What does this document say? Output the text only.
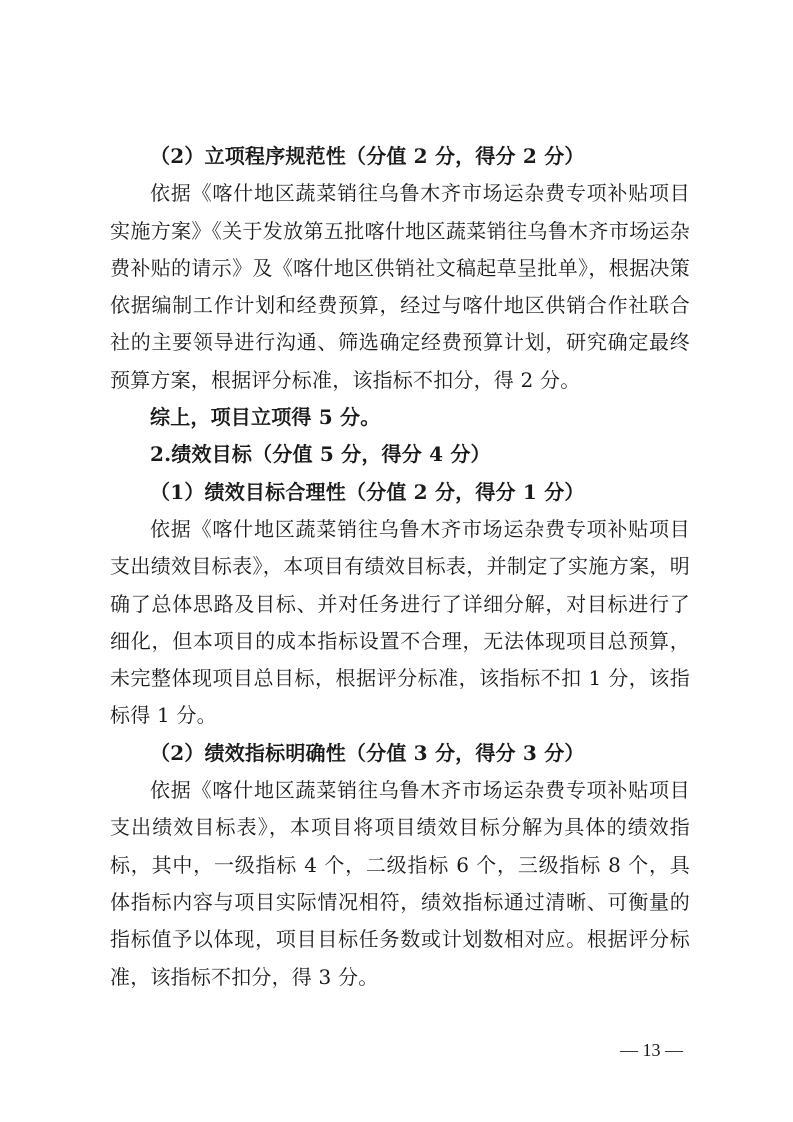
（2）立项程序规范性（分值 2 分，得分 2 分）

依据《喀什地区蔬菜销往乌鲁木齐市场运杂费专项补贴项目实施方案》《关于发放第五批喀什地区蔬菜销往乌鲁木齐市场运杂费补贴的请示》及《喀什地区供销社文稿起草呈批单》，根据决策依据编制工作计划和经费预算，经过与喀什地区供销合作社联合社的主要领导进行沟通、筛选确定经费预算计划，研究确定最终预算方案，根据评分标准，该指标不扣分，得 2 分。

综上，项目立项得 5 分。

2.绩效目标（分值 5 分，得分 4 分）

（1）绩效目标合理性（分值 2 分，得分 1 分）

依据《喀什地区蔬菜销往乌鲁木齐市场运杂费专项补贴项目支出绩效目标表》，本项目有绩效目标表，并制定了实施方案，明确了总体思路及目标、并对任务进行了详细分解，对目标进行了细化，但本项目的成本指标设置不合理，无法体现项目总预算，未完整体现项目总目标，根据评分标准，该指标不扣 1 分，该指标得 1 分。

（2）绩效指标明确性（分值 3 分，得分 3 分）

依据《喀什地区蔬菜销往乌鲁木齐市场运杂费专项补贴项目支出绩效目标表》，本项目将项目绩效目标分解为具体的绩效指标，其中，一级指标 4 个，二级指标 6 个，三级指标 8 个，具体指标内容与项目实际情况相符，绩效指标通过清晰、可衡量的指标值予以体现，项目目标任务数或计划数相对应。根据评分标准，该指标不扣分，得 3 分。

— 13 —
